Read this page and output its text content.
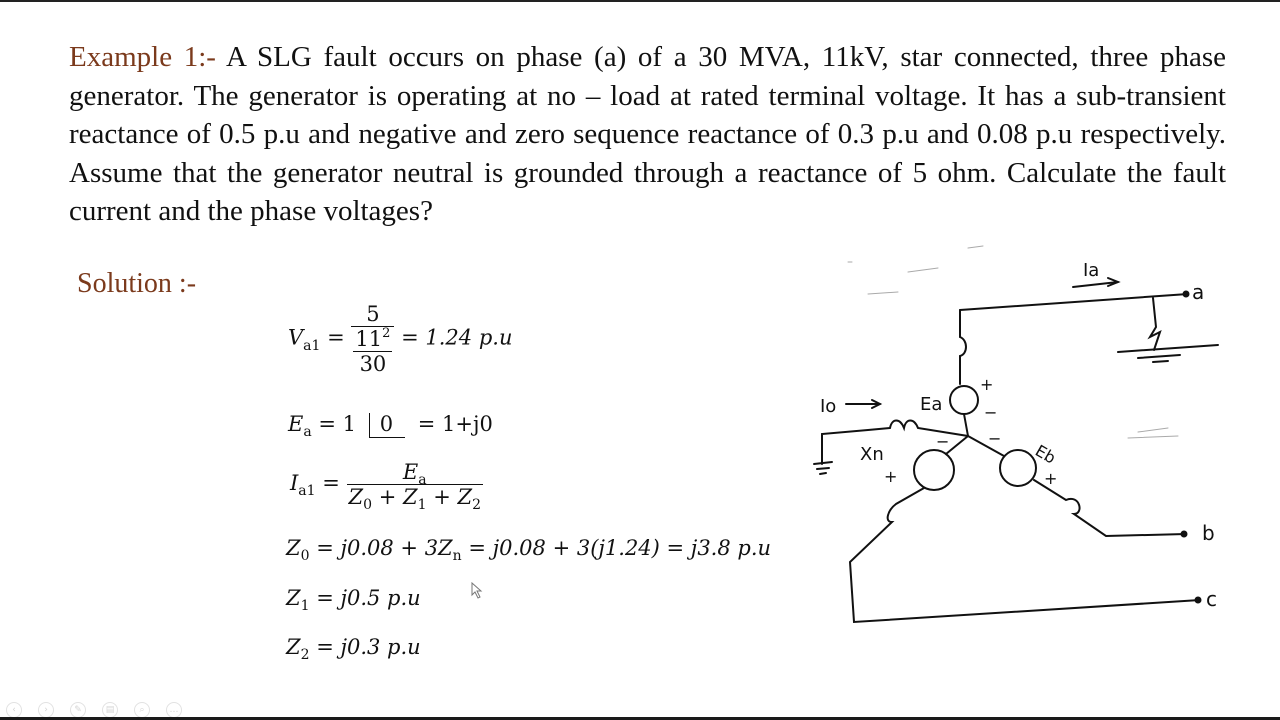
Example 1:- A SLG fault occurs on phase (a) of a 30 MVA, 11kV, star connected, three phase generator. The generator is operating at no – load at rated terminal voltage. It has a sub-transient reactance of 0.5 p.u and negative and zero sequence reactance of 0.3 p.u and 0.08 p.u respectively. Assume that the generator neutral is grounded through a reactance of 5 ohm. Calculate the fault current and the phase voltages?

Solution :-
$V_{a1} = \frac{5}{\frac{11^2}{30}} = 1.24$ p.u
$E_a = 1$ 0 = 1+j0
$I_{a1} = \frac{E_a}{Z_0 + Z_1 + Z_2}$
$Z_0 = j0.08 + 3Z_n = j0.08 + 3(j1.24) = j3.8$ p.u
$Z_1 = j0.5$ p.u
$Z_2 = j0.3$ p.u
Ia
a
Ea
+
−
Io
Xn
c
−
+
b
Eb
−
+
‹	›	✎	▤	⌕	…
